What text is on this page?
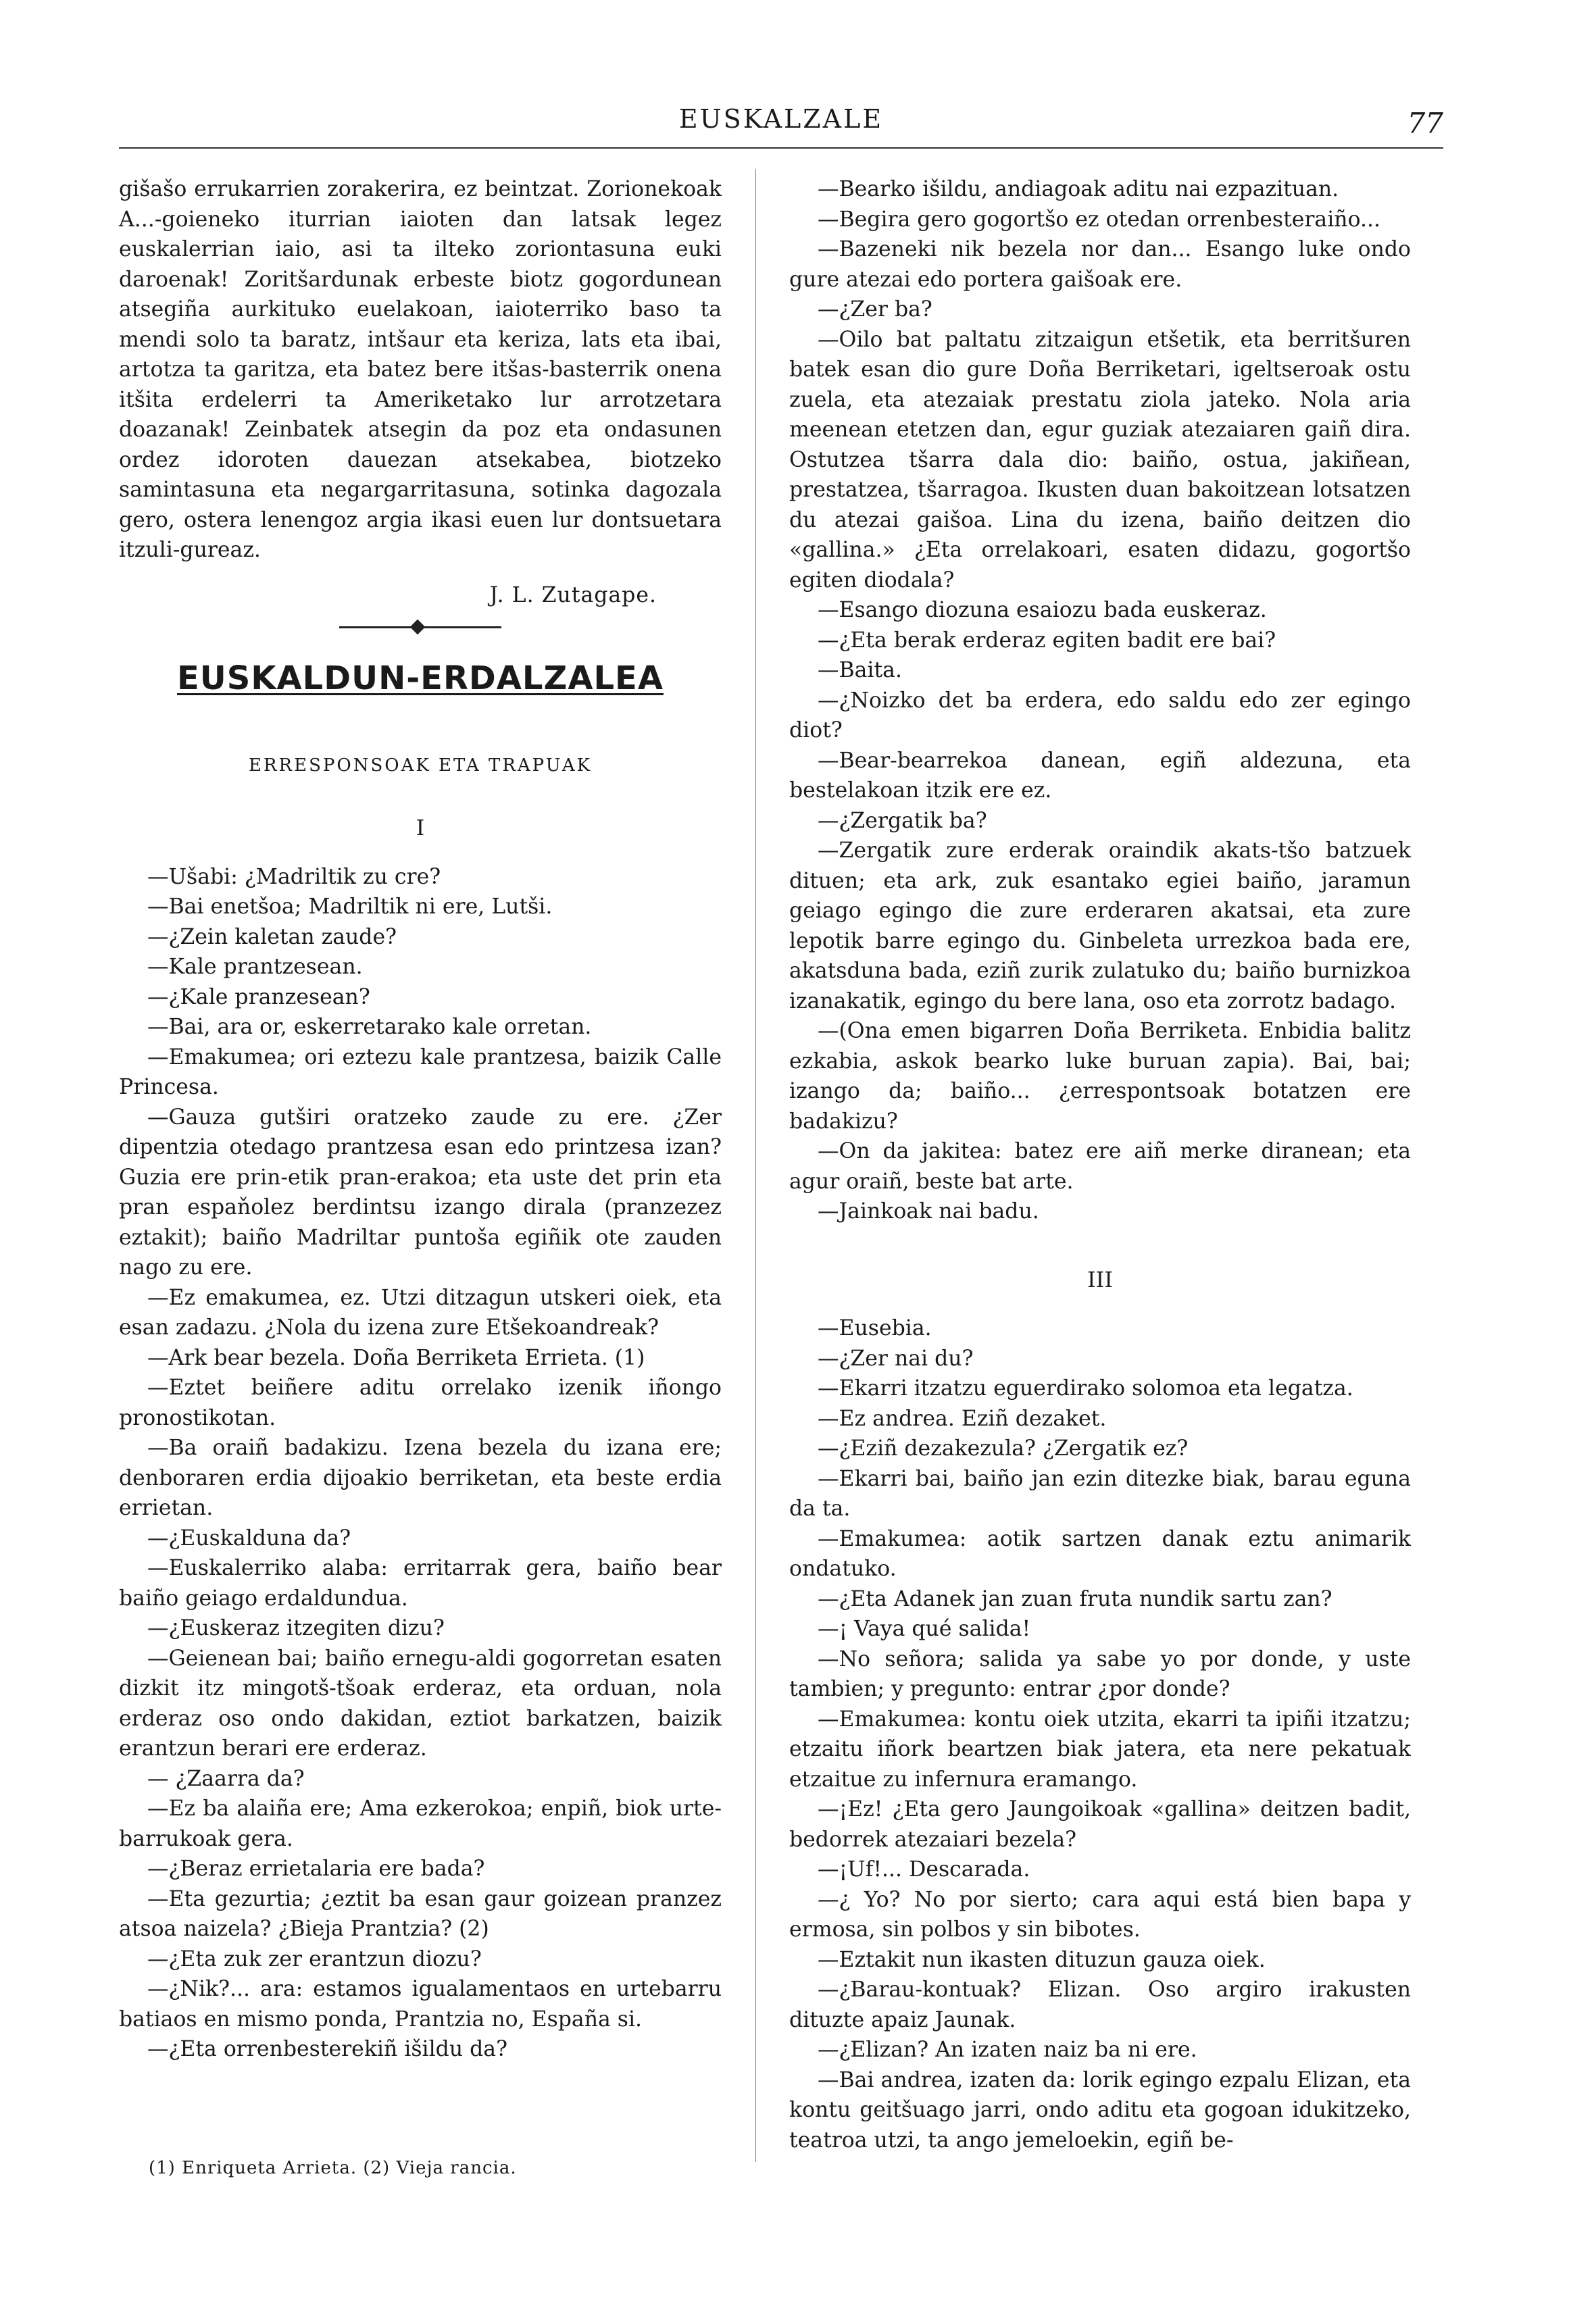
EUSKALZALE	77

gišašo errukarrien zorakerira, ez beintzat. Zorionekoak A...-goieneko iturrian iaioten dan latsak legez euskalerrian iaio, asi ta ilteko zoriontasuna euki daroenak! Zoritšardunak erbeste biotz gogordunean atsegiña aurkituko euelakoan, iaioterriko baso ta mendi solo ta baratz, intšaur eta keriza, lats eta ibai, artotza ta garitza, eta batez bere itšas-basterrik onena itšita erdelerri ta Ameriketako lur arrotzetara doazanak! Zeinbatek atsegin da poz eta ondasunen ordez idoroten dauezan atsekabea, biotzeko samintasuna eta negargarritasuna, sotinka dagozala gero, ostera lenengoz argia ikasi euen lur dontsuetara itzuli-gureaz.

J. L. Zutagape.

EUSKALDUN-ERDALZALEA
ERRESPONSOAK ETA TRAPUAK
I

—Ušabi: ¿Madriltik zu cre?

—Bai enetšoa; Madriltik ni ere, Lutši.

—¿Zein kaletan zaude?

—Kale prantzesean.

—¿Kale pranzesean?

—Bai, ara or, eskerretarako kale orretan.

—Emakumea; ori eztezu kale prantzesa, baizik Calle Princesa.

—Gauza gutširi oratzeko zaude zu ere. ¿Zer dipentzia otedago prantzesa esan edo printzesa izan? Guzia ere prin-etik pran-erakoa; eta uste det prin eta pran espaňolez berdintsu izango dirala (pranzezez eztakit); baiño Madriltar puntoša egiñik ote zauden nago zu ere.

—Ez emakumea, ez. Utzi ditzagun utskeri oiek, eta esan zadazu. ¿Nola du izena zure Etšekoandreak?

—Ark bear bezela. Doña Berriketa Errieta. (1)

—Eztet beiñere aditu orrelako izenik iñongo pronostikotan.

—Ba oraiñ badakizu. Izena bezela du izana ere; denboraren erdia dijoakio berriketan, eta beste erdia errietan.

—¿Euskalduna da?

—Euskalerriko alaba: erritarrak gera, baiño bear baiño geiago erdaldundua.

—¿Euskeraz itzegiten dizu?

—Geienean bai; baiño ernegu-aldi gogorretan esaten dizkit itz mingotš-tšoak erderaz, eta orduan, nola erderaz oso ondo dakidan, eztiot barkatzen, baizik erantzun berari ere erderaz.

— ¿Zaarra da?

—Ez ba alaiña ere; Ama ezkerokoa; enpiñ, biok urte-barrukoak gera.

—¿Beraz errietalaria ere bada?

—Eta gezurtia; ¿eztit ba esan gaur goizean pranzez atsoa naizela? ¿Bieja Prantzia? (2)

—¿Eta zuk zer erantzun diozu?

—¿Nik?... ara: estamos igualamentaos en urtebarru batiaos en mismo ponda, Prantzia no, España si.

—¿Eta orrenbesterekiñ išildu da?

—Bearko išildu, andiagoak aditu nai ezpazituan.

—Begira gero gogortšo ez otedan orrenbesteraiño...

—Bazeneki nik bezela nor dan... Esango luke ondo gure atezai edo portera gaišoak ere.

—¿Zer ba?

—Oilo bat paltatu zitzaigun etšetik, eta berritšuren batek esan dio gure Doña Berriketari, igeltseroak ostu zuela, eta atezaiak prestatu ziola jateko. Nola aria meenean etetzen dan, egur guziak atezaiaren gaiñ dira. Ostutzea tšarra dala dio: baiño, ostua, jakiñean, prestatzea, tšarragoa. Ikusten duan bakoitzean lotsatzen du atezai gaišoa. Lina du izena, baiño deitzen dio «gallina.» ¿Eta orrelakoari, esaten didazu, gogortšo egiten diodala?

—Esango diozuna esaiozu bada euskeraz.

—¿Eta berak erderaz egiten badit ere bai?

—Baita.

—¿Noizko det ba erdera, edo saldu edo zer egingo diot?

—Bear-bearrekoa danean, egiñ aldezuna, eta bestelakoan itzik ere ez.

—¿Zergatik ba?

—Zergatik zure erderak oraindik akats-tšo batzuek dituen; eta ark, zuk esantako egiei baiño, jaramun geiago egingo die zure erderaren akatsai, eta zure lepotik barre egingo du. Ginbeleta urrezkoa bada ere, akatsduna bada, eziñ zurik zulatuko du; baiño burnizkoa izanakatik, egingo du bere lana, oso eta zorrotz badago.

—(Ona emen bigarren Doña Berriketa. Enbidia balitz ezkabia, askok bearko luke buruan zapia). Bai, bai; izango da; baiño... ¿errespontsoak botatzen ere badakizu?

—On da jakitea: batez ere aiñ merke diranean; eta agur oraiñ, beste bat arte.

—Jainkoak nai badu.

III

—Eusebia.

—¿Zer nai du?

—Ekarri itzatzu eguerdirako solomoa eta legatza.

—Ez andrea. Eziñ dezaket.

—¿Eziñ dezakezula? ¿Zergatik ez?

—Ekarri bai, baiño jan ezin ditezke biak, barau eguna da ta.

—Emakumea: aotik sartzen danak eztu animarik ondatuko.

—¿Eta Adanek jan zuan fruta nundik sartu zan?

—¡ Vaya qué salida!

—No señora; salida ya sabe yo por donde, y uste tambien; y pregunto: entrar ¿por donde?

—Emakumea: kontu oiek utzita, ekarri ta ipiñi itzatzu; etzaitu iñork beartzen biak jatera, eta nere pekatuak etzaitue zu infernura eramango.

—¡Ez! ¿Eta gero Jaungoikoak «gallina» deitzen badit, bedorrek atezaiari bezela?

—¡Uf!... Descarada.

—¿ Yo? No por sierto; cara aqui está bien bapa y ermosa, sin polbos y sin bibotes.

—Eztakit nun ikasten dituzun gauza oiek.

—¿Barau-kontuak? Elizan. Oso argiro irakusten dituzte apaiz Jaunak.

—¿Elizan? An izaten naiz ba ni ere.

—Bai andrea, izaten da: lorik egingo ezpalu Elizan, eta kontu geitšuago jarri, ondo aditu eta gogoan idukitzeko, teatroa utzi, ta ango jemeloekin, egiñ be-

(1) Enriqueta Arrieta. (2) Vieja rancia.
